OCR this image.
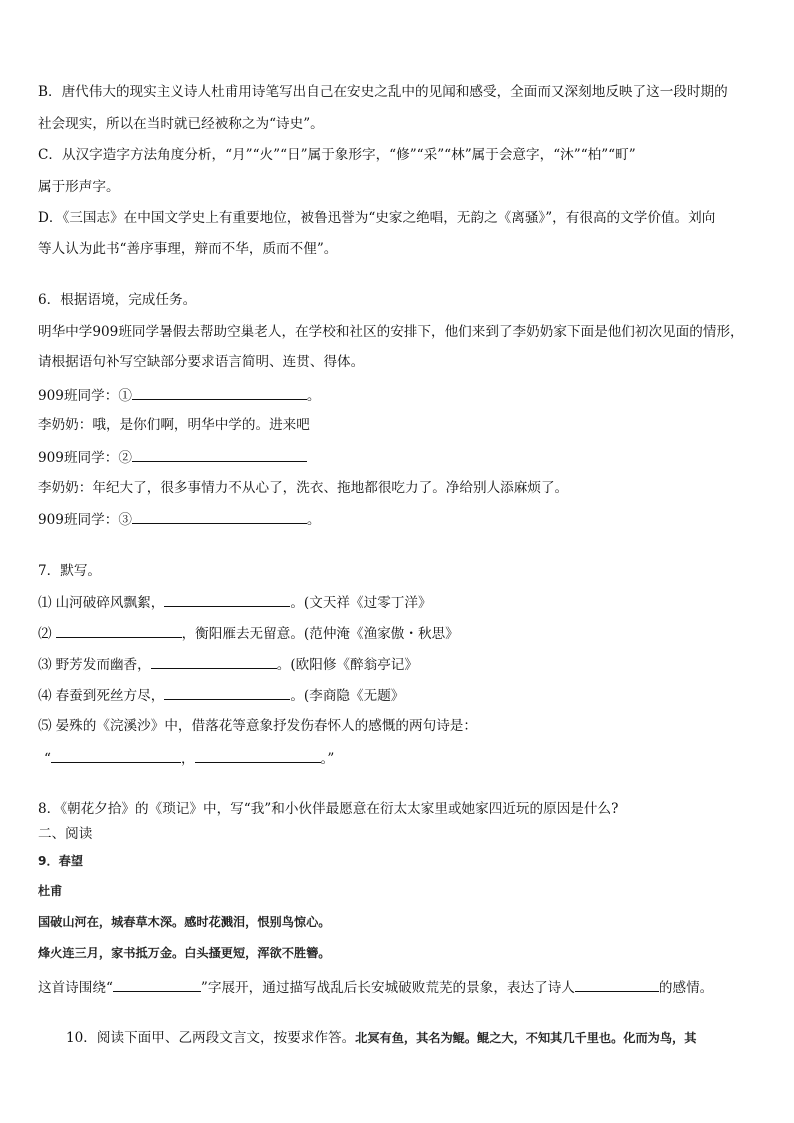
B．唐代伟大的现实主义诗人杜甫用诗笔写出自己在安史之乱中的见闻和感受，全面而又深刻地反映了这一段时期的
社会现实，所以在当时就已经被称之为“诗史”。
C．从汉字造字方法角度分析，“月”“火”“日”属于象形字，“修”“采”“林”属于会意字，“沐”“柏”“町”
属于形声字。
D．《三国志》在中国文学史上有重要地位，被鲁迅誉为“史家之绝唱，无韵之《离骚》”，有很高的文学价值。刘向
等人认为此书“善序事理，辩而不华，质而不俚”。
6．根据语境，完成任务。
明华中学909班同学暑假去帮助空巢老人，在学校和社区的安排下，他们来到了李奶奶家下面是他们初次见面的情形，
请根据语句补写空缺部分要求语言简明、连贯、得体。
909班同学：①	。
李奶奶：哦，是你们啊，明华中学的。进来吧
909班同学：②
李奶奶：年纪大了，很多事情力不从心了，洗衣、拖地都很吃力了。净给别人添麻烦了。
909班同学：③	。
7．默写。
⑴ 山河破碎风飘絮，	。(文天祥《过零丁洋》
⑵	，衡阳雁去无留意。(范仲淹《渔家傲・秋思》
⑶ 野芳发而幽香，	。(欧阳修《醉翁亭记》
⑷ 春蚕到死丝方尽，	。(李商隐《无题》
⑸ 晏殊的《浣溪沙》中，借落花等意象抒发伤春怀人的感慨的两句诗是：
“	，	。”
8．《朝花夕拾》的《琐记》中，写“我”和小伙伴最愿意在衍太太家里或她家四近玩的原因是什么?
二、阅读
9．春望
杜甫
国破山河在，城春草木深。感时花溅泪，恨别鸟惊心。
烽火连三月，家书抵万金。白头搔更短，浑欲不胜簪。
这首诗围绕“	”字展开，通过描写战乱后长安城破败荒芜的景象，表达了诗人	的感情。
10．阅读下面甲、乙两段文言文，按要求作答。北冥有鱼，其名为鲲。鲲之大，不知其几千里也。化而为鸟，其
